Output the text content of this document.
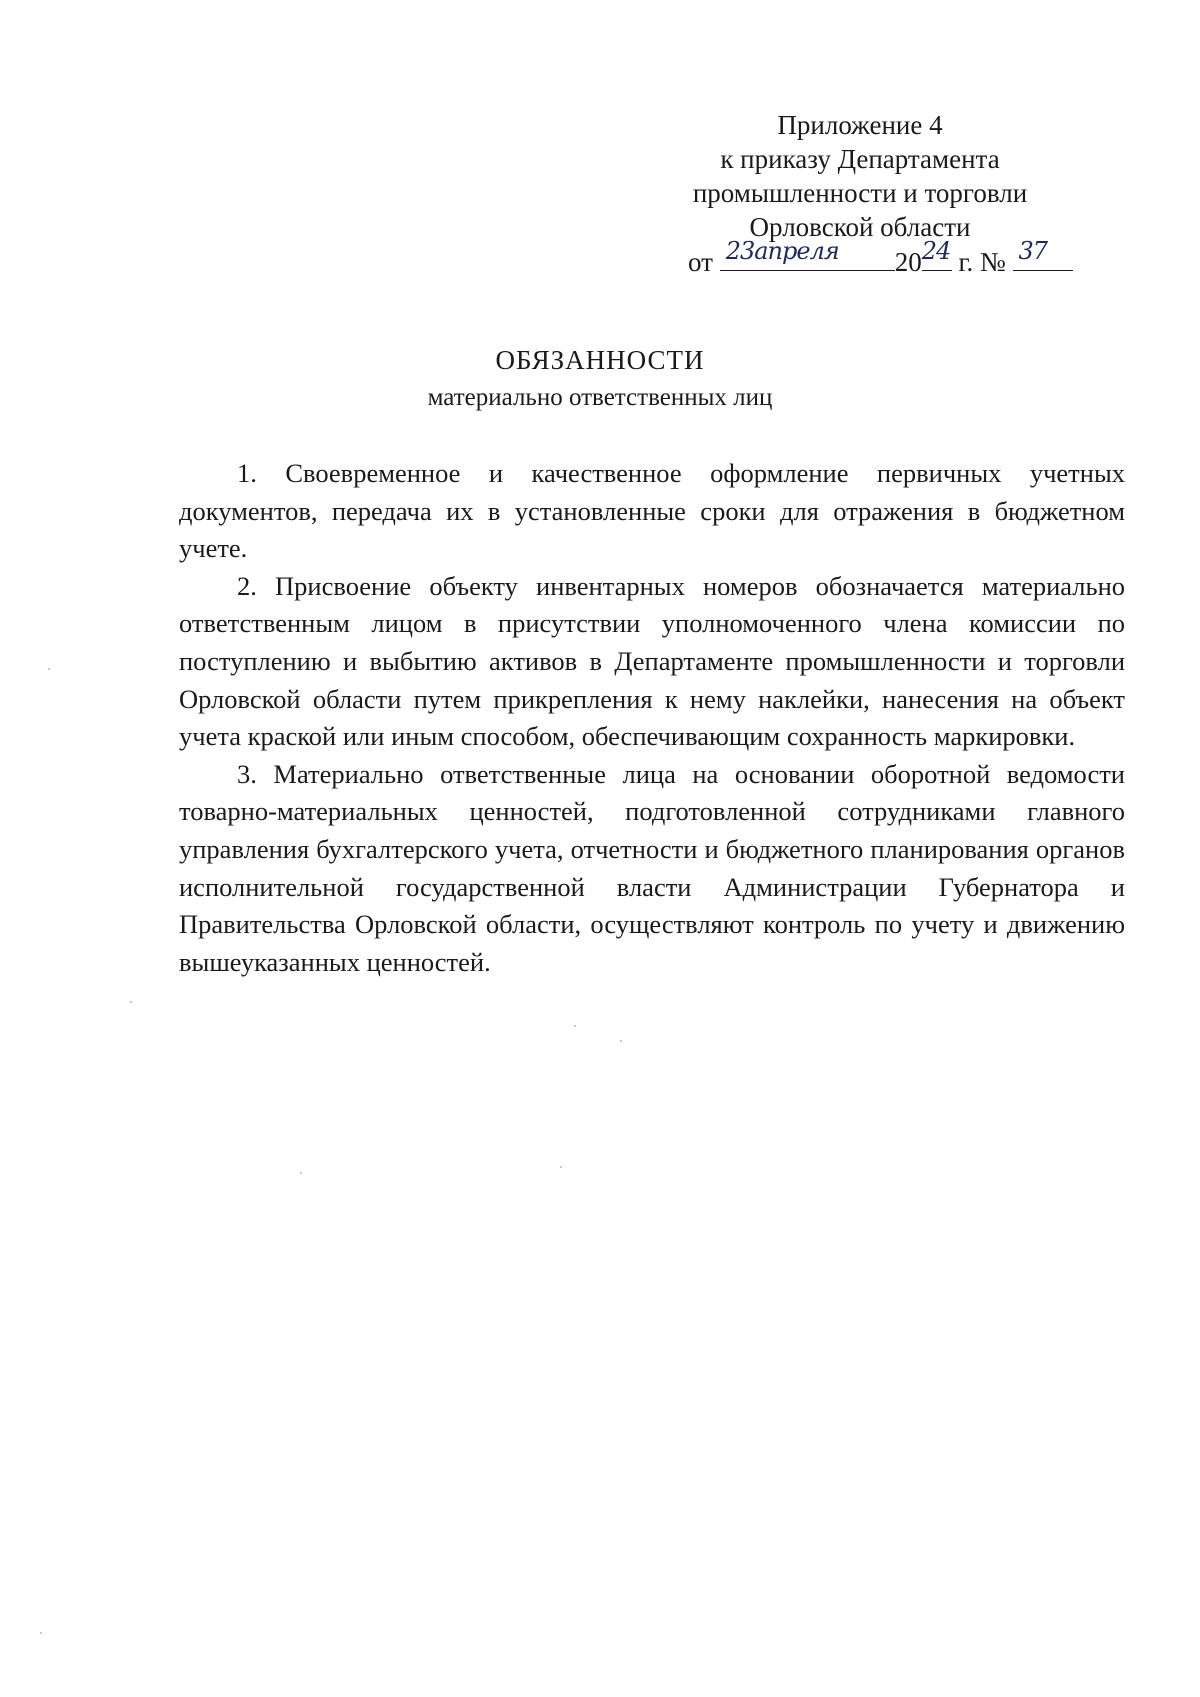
Приложение 4
к приказу Департамента
промышленности и торговли
Орловской области
от 23апреля 20 24 г. № 37
ОБЯЗАННОСТИ
материально ответственных лиц

1. Своевременное и качественное оформление первичных учетных документов, передача их в установленные сроки для отражения в бюджетном учете.

2. Присвоение объекту инвентарных номеров обозначается материально ответственным лицом в присутствии уполномоченного члена комиссии по поступлению и выбытию активов в Департаменте промышленности и торговли Орловской области путем прикрепления к нему наклейки, нанесения на объект учета краской или иным способом, обеспечивающим сохранность маркировки.

3. Материально ответственные лица на основании оборотной ведомости товарно-материальных ценностей, подготовленной сотрудниками главного управления бухгалтерского учета, отчетности и бюджетного планирования органов исполнительной государственной власти Администрации Губернатора и Правительства Орловской области, осуществляют контроль по учету и движению вышеуказанных ценностей.
